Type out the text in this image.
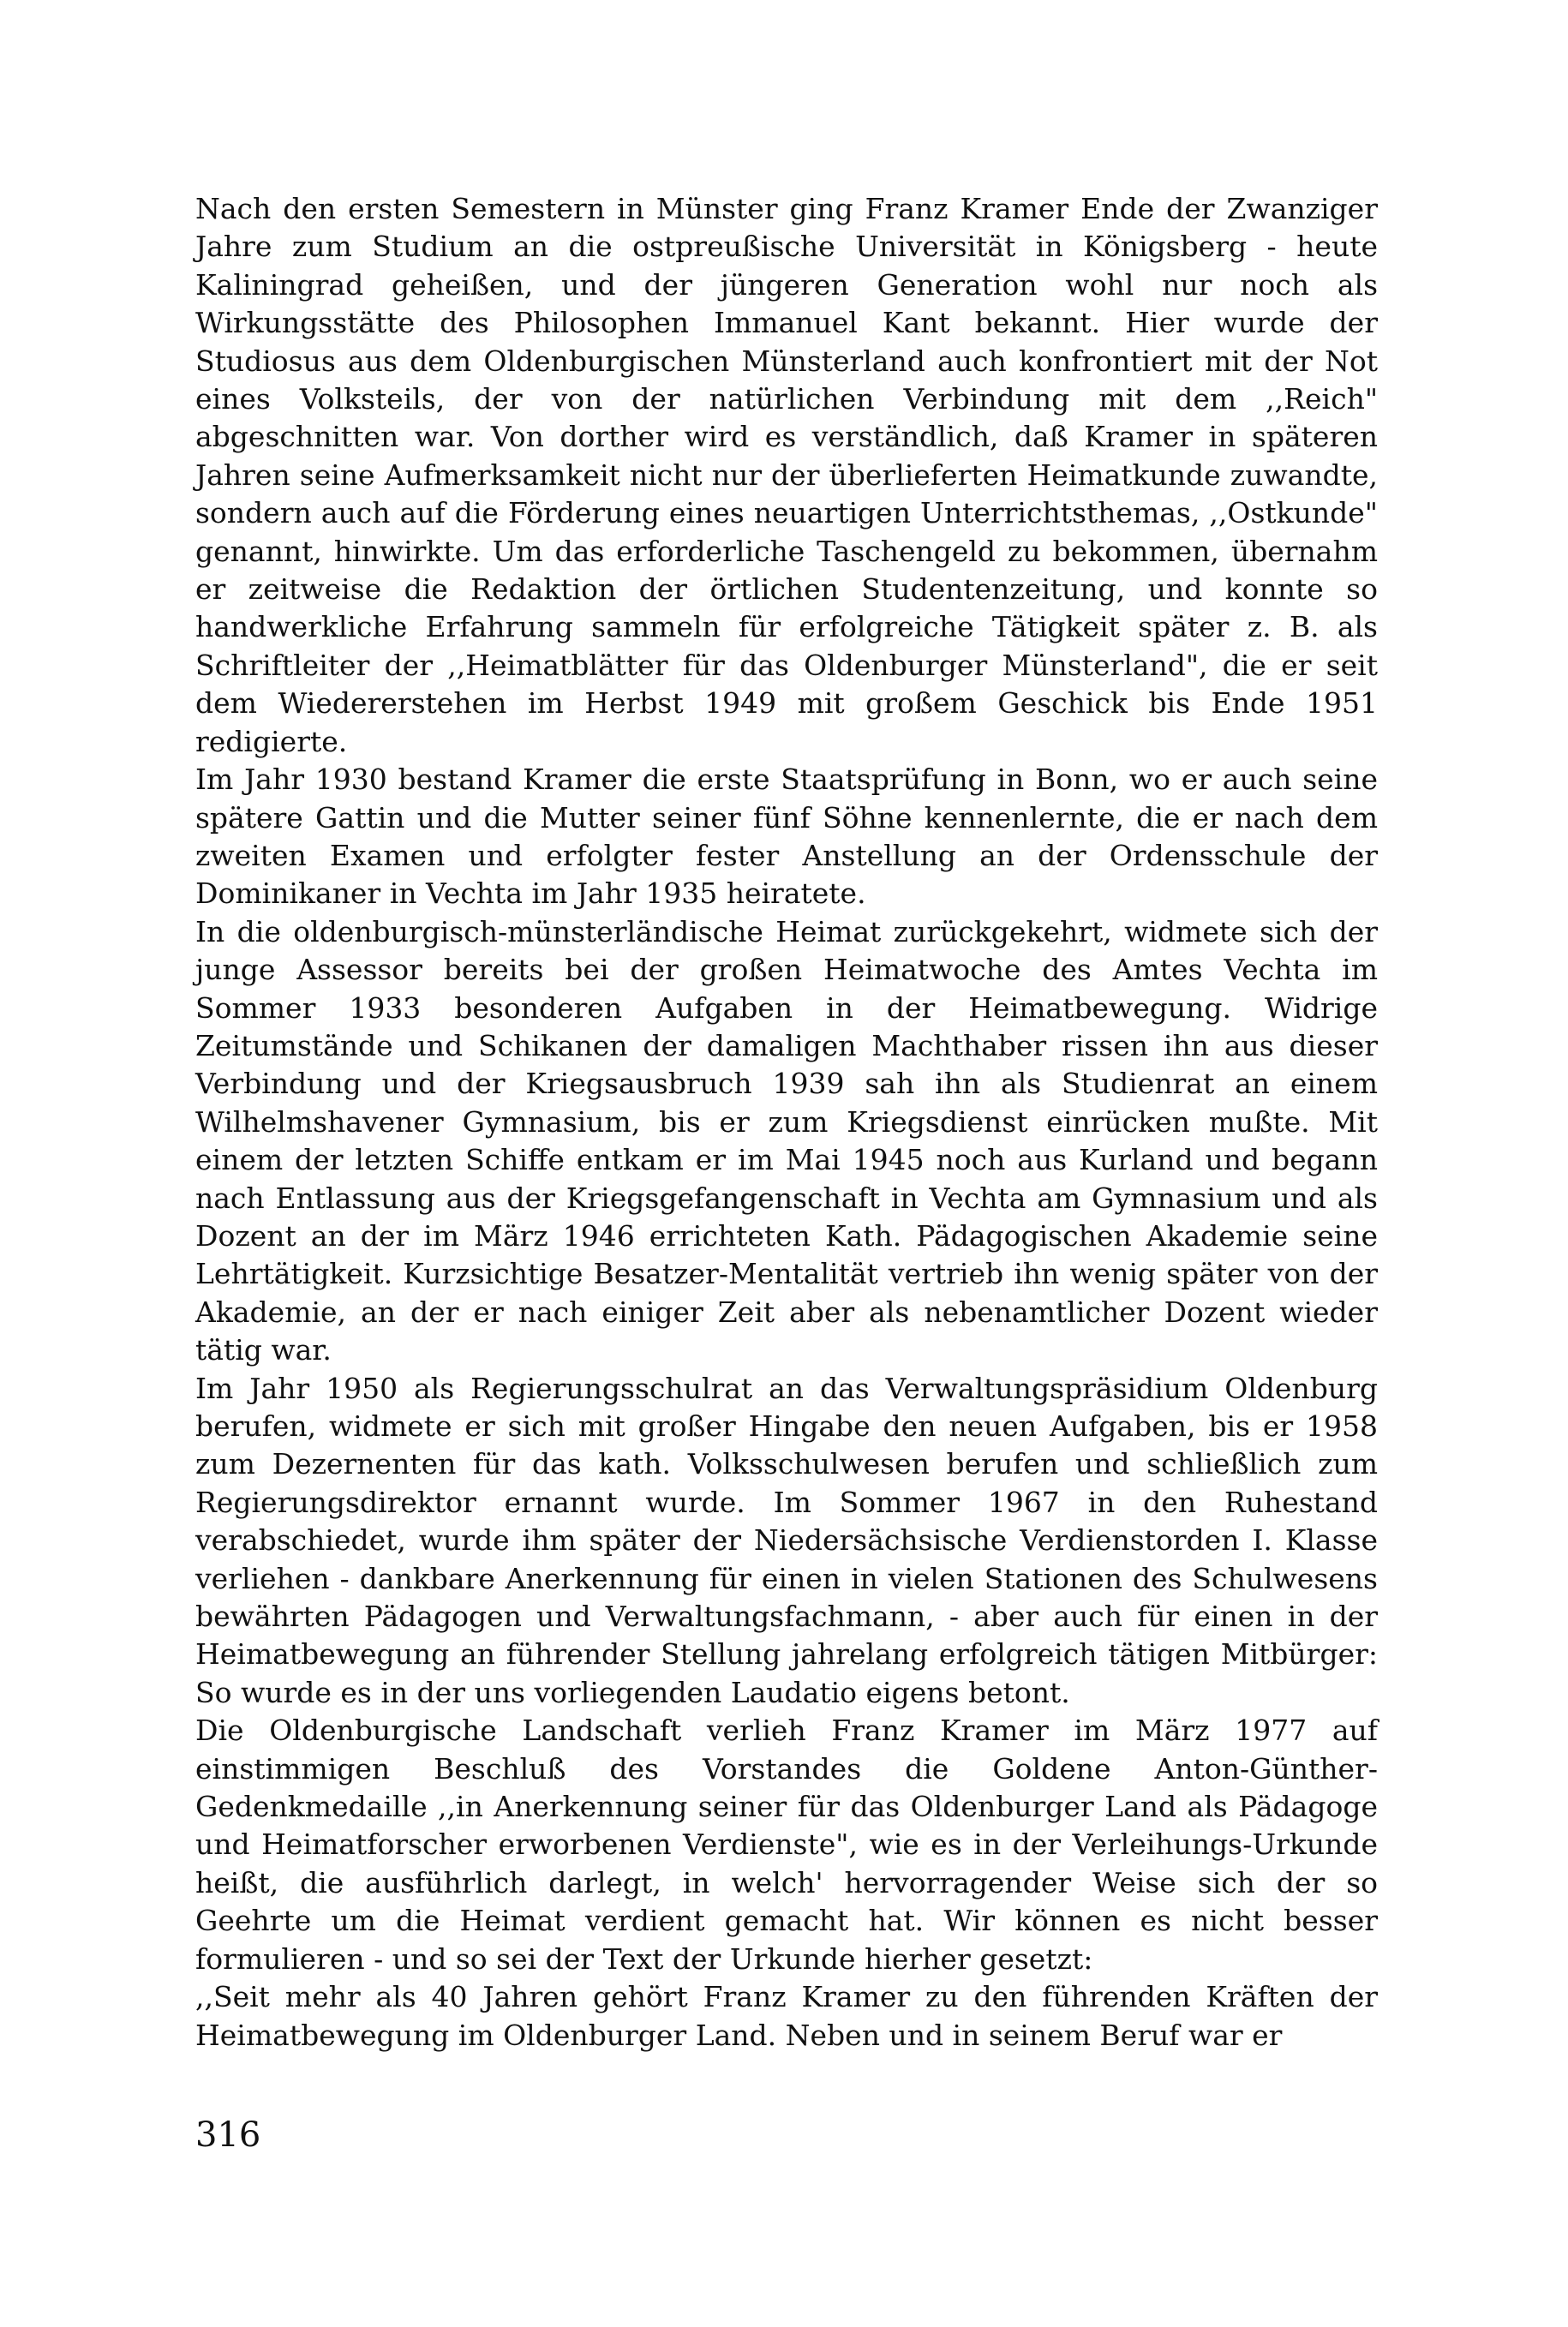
Nach den ersten Semestern in Münster ging Franz Kramer Ende der Zwanziger Jahre zum Studium an die ostpreußische Universität in Königsberg - heute Kaliningrad geheißen, und der jüngeren Generation wohl nur noch als Wirkungsstätte des Philosophen Immanuel Kant bekannt. Hier wurde der Studiosus aus dem Oldenburgischen Münsterland auch konfrontiert mit der Not eines Volksteils, der von der natürlichen Verbindung mit dem ,,Reich" abgeschnitten war. Von dorther wird es verständlich, daß Kramer in späteren Jahren seine Aufmerksamkeit nicht nur der überlieferten Heimatkunde zuwandte, sondern auch auf die Förderung eines neuartigen Unterrichtsthemas, ,,Ostkunde" genannt, hinwirkte. Um das erforderliche Taschengeld zu bekommen, übernahm er zeitweise die Redaktion der örtlichen Studentenzeitung, und konnte so handwerkliche Erfahrung sammeln für erfolgreiche Tätigkeit später z. B. als Schriftleiter der ,,Heimatblätter für das Oldenburger Münsterland", die er seit dem Wiedererstehen im Herbst 1949 mit großem Geschick bis Ende 1951 redigierte.

Im Jahr 1930 bestand Kramer die erste Staatsprüfung in Bonn, wo er auch seine spätere Gattin und die Mutter seiner fünf Söhne kennenlernte, die er nach dem zweiten Examen und erfolgter fester Anstellung an der Ordensschule der Dominikaner in Vechta im Jahr 1935 heiratete.

In die oldenburgisch-münsterländische Heimat zurückgekehrt, widmete sich der junge Assessor bereits bei der großen Heimatwoche des Amtes Vechta im Sommer 1933 besonderen Aufgaben in der Heimatbewegung. Widrige Zeitumstände und Schikanen der damaligen Machthaber rissen ihn aus dieser Verbindung und der Kriegsausbruch 1939 sah ihn als Studienrat an einem Wilhelmshavener Gymnasium, bis er zum Kriegsdienst einrücken mußte. Mit einem der letzten Schiffe entkam er im Mai 1945 noch aus Kurland und begann nach Entlassung aus der Kriegsgefangenschaft in Vechta am Gymnasium und als Dozent an der im März 1946 errichteten Kath. Pädagogischen Akademie seine Lehrtätigkeit. Kurzsichtige Besatzer-Mentalität vertrieb ihn wenig später von der Akademie, an der er nach einiger Zeit aber als nebenamtlicher Dozent wieder tätig war.

Im Jahr 1950 als Regierungsschulrat an das Verwaltungspräsidium Oldenburg berufen, widmete er sich mit großer Hingabe den neuen Aufgaben, bis er 1958 zum Dezernenten für das kath. Volksschulwesen berufen und schließlich zum Regierungsdirektor ernannt wurde. Im Sommer 1967 in den Ruhestand verabschiedet, wurde ihm später der Niedersächsische Verdienstorden I. Klasse verliehen - dankbare Anerkennung für einen in vielen Stationen des Schulwesens bewährten Pädagogen und Verwaltungsfachmann, - aber auch für einen in der Heimatbewegung an führender Stellung jahrelang erfolgreich tätigen Mitbürger: So wurde es in der uns vorliegenden Laudatio eigens betont.

Die Oldenburgische Landschaft verlieh Franz Kramer im März 1977 auf einstimmigen Beschluß des Vorstandes die Goldene Anton-Günther-Gedenkmedaille ,,in Anerkennung seiner für das Oldenburger Land als Pädagoge und Heimatforscher erworbenen Verdienste", wie es in der Verleihungs-Urkunde heißt, die ausführlich darlegt, in welch' hervorragender Weise sich der so Geehrte um die Heimat verdient gemacht hat. Wir können es nicht besser formulieren - und so sei der Text der Urkunde hierher gesetzt:

,,Seit mehr als 40 Jahren gehört Franz Kramer zu den führenden Kräften der Heimatbewegung im Oldenburger Land. Neben und in seinem Beruf war er

316
